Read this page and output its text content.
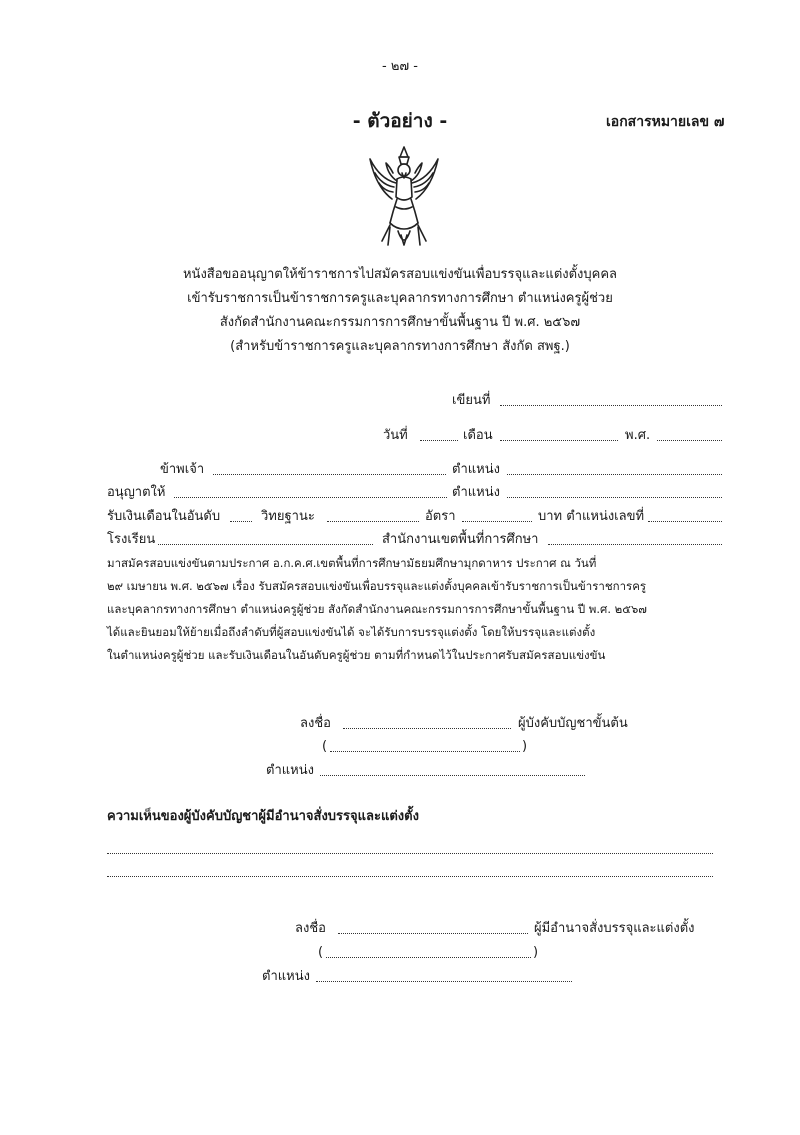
- ๒๗ -
- ตัวอย่าง -	เอกสารหมายเลข ๗
หนังสือขออนุญาตให้ข้าราชการไปสมัครสอบแข่งขันเพื่อบรรจุและแต่งตั้งบุคคล
เข้ารับราชการเป็นข้าราชการครูและบุคลากรทางการศึกษา ตำแหน่งครูผู้ช่วย
สังกัดสำนักงานคณะกรรมการการศึกษาขั้นพื้นฐาน ปี พ.ศ. ๒๕๖๗
(สำหรับข้าราชการครูและบุคลากรทางการศึกษา สังกัด สพฐ.)
เขียนที่
วันที่	เดือน	พ.ศ.
ข้าพเจ้า	ตำแหน่ง
อนุญาตให้	ตำแหน่ง
รับเงินเดือนในอันดับ	วิทยฐานะ	อัตรา	บาท ตำแหน่งเลขที่
โรงเรียน	สำนักงานเขตพื้นที่การศึกษา
มาสมัครสอบแข่งขันตามประกาศ อ.ก.ค.ศ.เขตพื้นที่การศึกษามัธยมศึกษามุกดาหาร ประกาศ ณ วันที่
๒๙ เมษายน พ.ศ. ๒๕๖๗ เรื่อง รับสมัครสอบแข่งขันเพื่อบรรจุและแต่งตั้งบุคคลเข้ารับราชการเป็นข้าราชการครู
และบุคลากรทางการศึกษา ตำแหน่งครูผู้ช่วย สังกัดสำนักงานคณะกรรมการการศึกษาขั้นพื้นฐาน ปี พ.ศ. ๒๕๖๗
ได้และยินยอมให้ย้ายเมื่อถึงลำดับที่ผู้สอบแข่งขันได้ จะได้รับการบรรจุแต่งตั้ง โดยให้บรรจุและแต่งตั้ง
ในตำแหน่งครูผู้ช่วย และรับเงินเดือนในอันดับครูผู้ช่วย ตามที่กำหนดไว้ในประกาศรับสมัครสอบแข่งขัน
ลงชื่อ	ผู้บังคับบัญชาขั้นต้น
(	)
ตำแหน่ง
ความเห็นของผู้บังคับบัญชาผู้มีอำนาจสั่งบรรจุและแต่งตั้ง
ลงชื่อ	ผู้มีอำนาจสั่งบรรจุและแต่งตั้ง
(	)
ตำแหน่ง
